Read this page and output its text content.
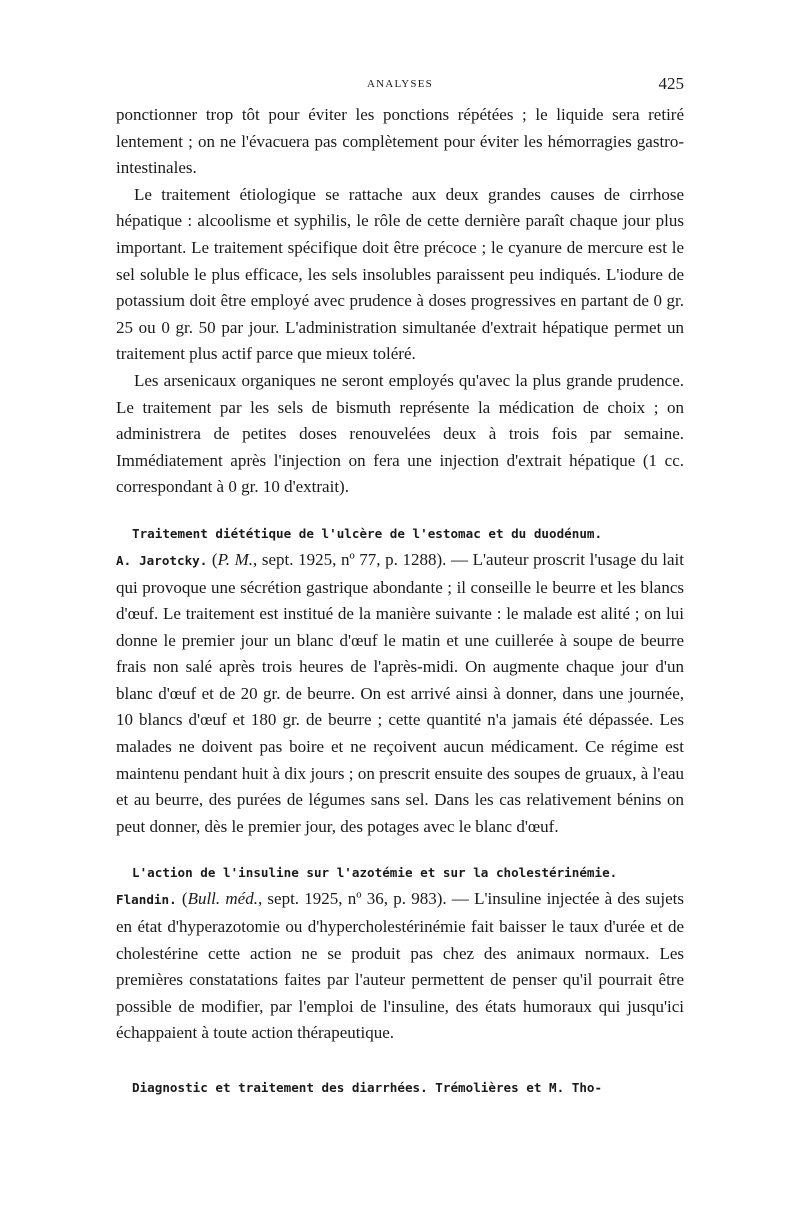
ANALYSES	425

ponctionner trop tôt pour éviter les ponctions répétées ; le liquide sera retiré lentement ; on ne l'évacuera pas complètement pour éviter les hémorragies gastro-intestinales.
Le traitement étiologique se rattache aux deux grandes causes de cirrhose hépatique : alcoolisme et syphilis, le rôle de cette dernière paraît chaque jour plus important. Le traitement spécifique doit être précoce ; le cyanure de mercure est le sel soluble le plus efficace, les sels insolubles paraissent peu indiqués. L'iodure de potassium doit être employé avec prudence à doses progressives en partant de 0 gr. 25 ou 0 gr. 50 par jour. L'administration simultanée d'extrait hépatique permet un traitement plus actif parce que mieux toléré.
Les arsenicaux organiques ne seront employés qu'avec la plus grande prudence. Le traitement par les sels de bismuth représente la médication de choix ; on administrera de petites doses renouvelées deux à trois fois par semaine. Immédiatement après l'injection on fera une injection d'extrait hépatique (1 cc. correspondant à 0 gr. 10 d'extrait).

Traitement diététique de l'ulcère de l'estomac et du duodénum.

A. Jarotcky. (P. M., sept. 1925, nº 77, p. 1288). — L'auteur proscrit l'usage du lait qui provoque une sécrétion gastrique abondante ; il conseille le beurre et les blancs d'œuf. Le traitement est institué de la manière suivante : le malade est alité ; on lui donne le premier jour un blanc d'œuf le matin et une cuillerée à soupe de beurre frais non salé après trois heures de l'après-midi. On augmente chaque jour d'un blanc d'œuf et de 20 gr. de beurre. On est arrivé ainsi à donner, dans une journée, 10 blancs d'œuf et 180 gr. de beurre ; cette quantité n'a jamais été dépassée. Les malades ne doivent pas boire et ne reçoivent aucun médicament. Ce régime est maintenu pendant huit à dix jours ; on prescrit ensuite des soupes de gruaux, à l'eau et au beurre, des purées de légumes sans sel. Dans les cas relativement bénins on peut donner, dès le premier jour, des potages avec le blanc d'œuf.

L'action de l'insuline sur l'azotémie et sur la cholestérinémie.

Flandin. (Bull. méd., sept. 1925, nº 36, p. 983). — L'insuline injectée à des sujets en état d'hyperazotomie ou d'hypercholestérinémie fait baisser le taux d'urée et de cholestérine cette action ne se produit pas chez des animaux normaux. Les premières constatations faites par l'auteur permettent de penser qu'il pourrait être possible de modifier, par l'emploi de l'insuline, des états humoraux qui jusqu'ici échappaient à toute action thérapeutique.

Diagnostic et traitement des diarrhées. Trémolières et M. Tho-
